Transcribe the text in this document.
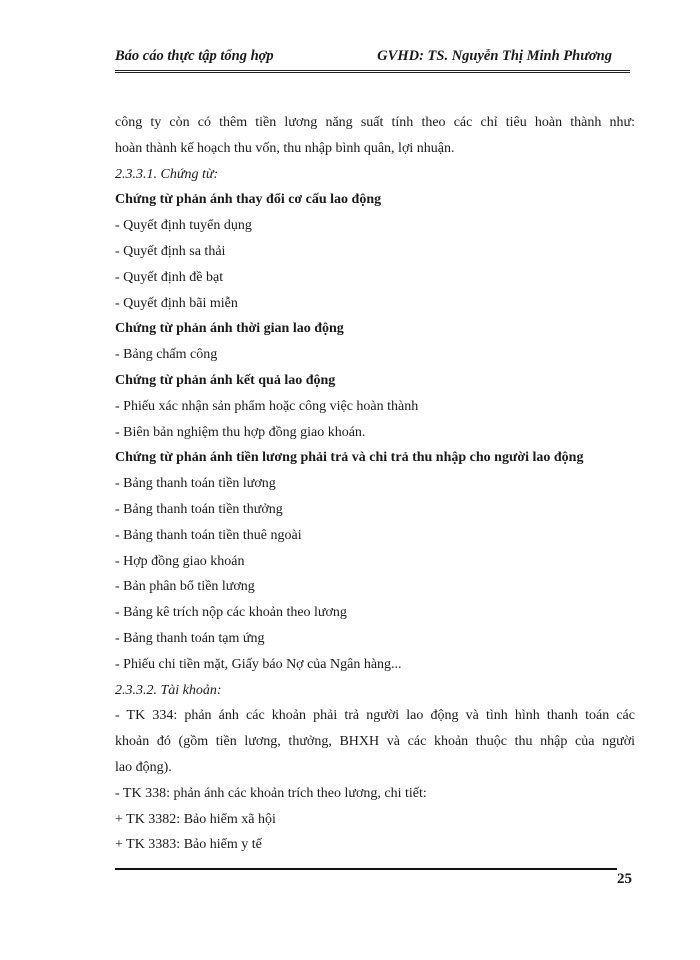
Báo cáo thực tập tổng hợp	GVHD: TS. Nguyễn Thị Minh Phương

công ty còn có thêm tiền lương năng suất tính theo các chỉ tiêu hoàn thành như:

hoàn thành kế hoạch thu vốn, thu nhập bình quân, lợi nhuận.

2.3.3.1. Chứng từ:

Chứng từ phản ánh thay đổi cơ cấu lao động

- Quyết định tuyển dụng

- Quyết định sa thải

- Quyết định đề bạt

- Quyết định bãi miễn

Chứng từ phản ánh thời gian lao động

- Bảng chấm công

Chứng từ phản ánh kết quả lao động

- Phiếu xác nhận sản phẩm hoặc công việc hoàn thành

- Biên bản nghiệm thu hợp đồng giao khoán.

Chứng từ phản ánh tiền lương phải trả và chi trả thu nhập cho người lao động

- Bảng thanh toán tiền lương

- Bảng thanh toán tiền thưởng

- Bảng thanh toán tiền thuê ngoài

- Hợp đồng giao khoán

- Bản phân bổ tiền lương

- Bảng kê trích nộp các khoản theo lương

- Bảng thanh toán tạm ứng

- Phiếu chi tiền mặt, Giấy báo Nợ của Ngân hàng...

2.3.3.2. Tài khoản:

- TK 334: phản ánh các khoản phải trả người lao động và tình hình thanh toán các

khoản đó (gồm tiền lương, thưởng, BHXH và các khoản thuộc thu nhập của người

lao động).

- TK 338: phản ánh các khoản trích theo lương, chi tiết:

+ TK 3382: Bảo hiểm xã hội

+ TK 3383: Bảo hiểm y tế

25
